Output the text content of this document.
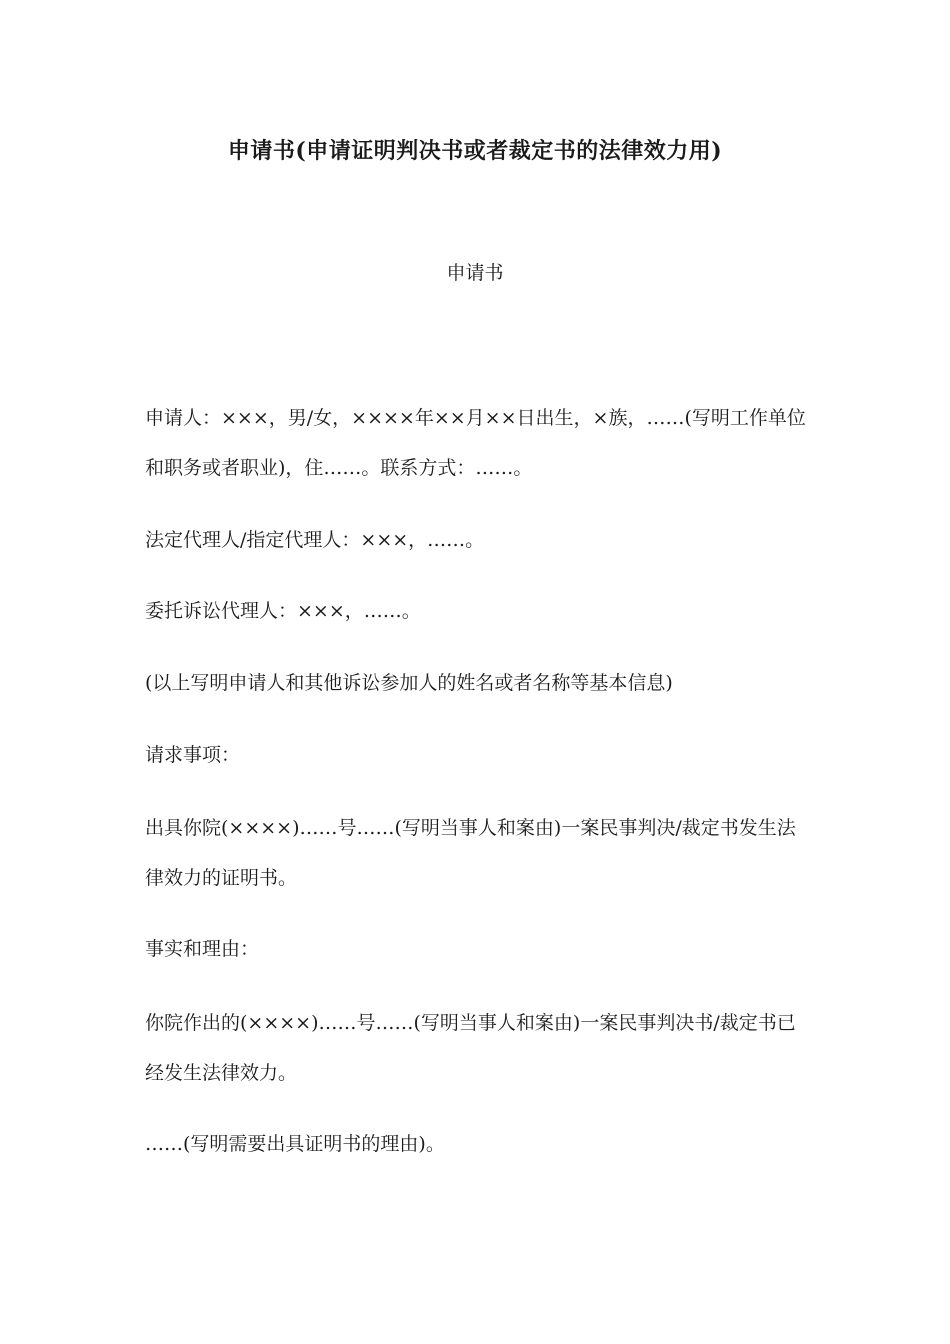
申请书(申请证明判决书或者裁定书的法律效力用)
申请书

申请人：×××，男/女，××××年××月××日出生，×族，……(写明工作单位和职务或者职业)，住……。联系方式：……。

法定代理人/指定代理人：×××，……。

委托诉讼代理人：×××，……。

(以上写明申请人和其他诉讼参加人的姓名或者名称等基本信息)

请求事项：

出具你院(××××)……号……(写明当事人和案由)一案民事判决/裁定书发生法律效力的证明书。

事实和理由：

你院作出的(××××)……号……(写明当事人和案由)一案民事判决书/裁定书已经发生法律效力。

……(写明需要出具证明书的理由)。
